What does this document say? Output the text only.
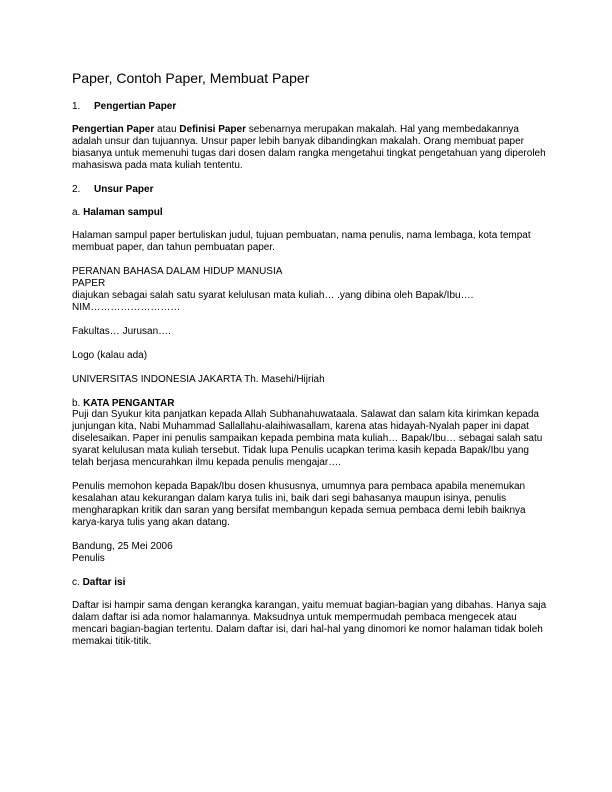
Paper, Contoh Paper, Membuat Paper
1. Pengertian Paper

Pengertian Paper atau Definisi Paper sebenarnya merupakan makalah. Hal yang membedakannya adalah unsur dan tujuannya. Unsur paper lebih banyak dibandingkan makalah. Orang membuat paper biasanya untuk memenuhi tugas dari dosen dalam rangka mengetahui tingkat pengetahuan yang diperoleh mahasiswa pada mata kuliah tententu.

2. Unsur Paper
a. Halaman sampul

Halaman sampul paper bertuliskan judul, tujuan pembuatan, nama penulis, nama lembaga, kota tempat membuat paper, dan tahun pembuatan paper.

PERANAN BAHASA DALAM HIDUP MANUSIA

PAPER

diajukan sebagai salah satu syarat kelulusan mata kuliah… .yang dibina oleh Bapak/Ibu….

NIM………………………

Fakultas… Jurusan….

Logo (kalau ada)

UNIVERSITAS INDONESIA JAKARTA Th. Masehi/Hijriah

b. KATA PENGANTAR

Puji dan Syukur kita panjatkan kepada Allah Subhanahuwataala. Salawat dan salam kita kirimkan kepada junjungan kita, Nabi Muhammad Sallallahu-alaihiwasallam, karena atas hidayah-Nyalah paper ini dapat diselesaikan. Paper ini penulis sampaikan kepada pembina mata kuliah… Bapak/Ibu… sebagai salah satu syarat kelulusan mata kuliah tersebut. Tidak lupa Penulis ucapkan terima kasih kepada Bapak/Ibu yang telah berjasa mencurahkan ilmu kepada penulis mengajar….

Penulis memohon kepada Bapak/Ibu dosen khususnya, umumnya para pembaca apabila menemukan kesalahan atau kekurangan dalam karya tulis ini, baik dari segi bahasanya maupun isinya, penulis mengharapkan kritik dan saran yang bersifat membangun kepada semua pembaca demi lebih baiknya karya-karya tulis yang akan datang.

Bandung, 25 Mei 2006

Penulis

c. Daftar isi

Daftar isi hampir sama dengan kerangka karangan, yaitu memuat bagian-bagian yang dibahas. Hanya saja dalam daftar isi ada nomor halamannya. Maksudnya untuk mempermudah pembaca mengecek atau mencari bagian-bagian tertentu. Dalam daftar isi, dari hal-hal yang dinomori ke nomor halaman tidak boleh memakai titik-titik.
